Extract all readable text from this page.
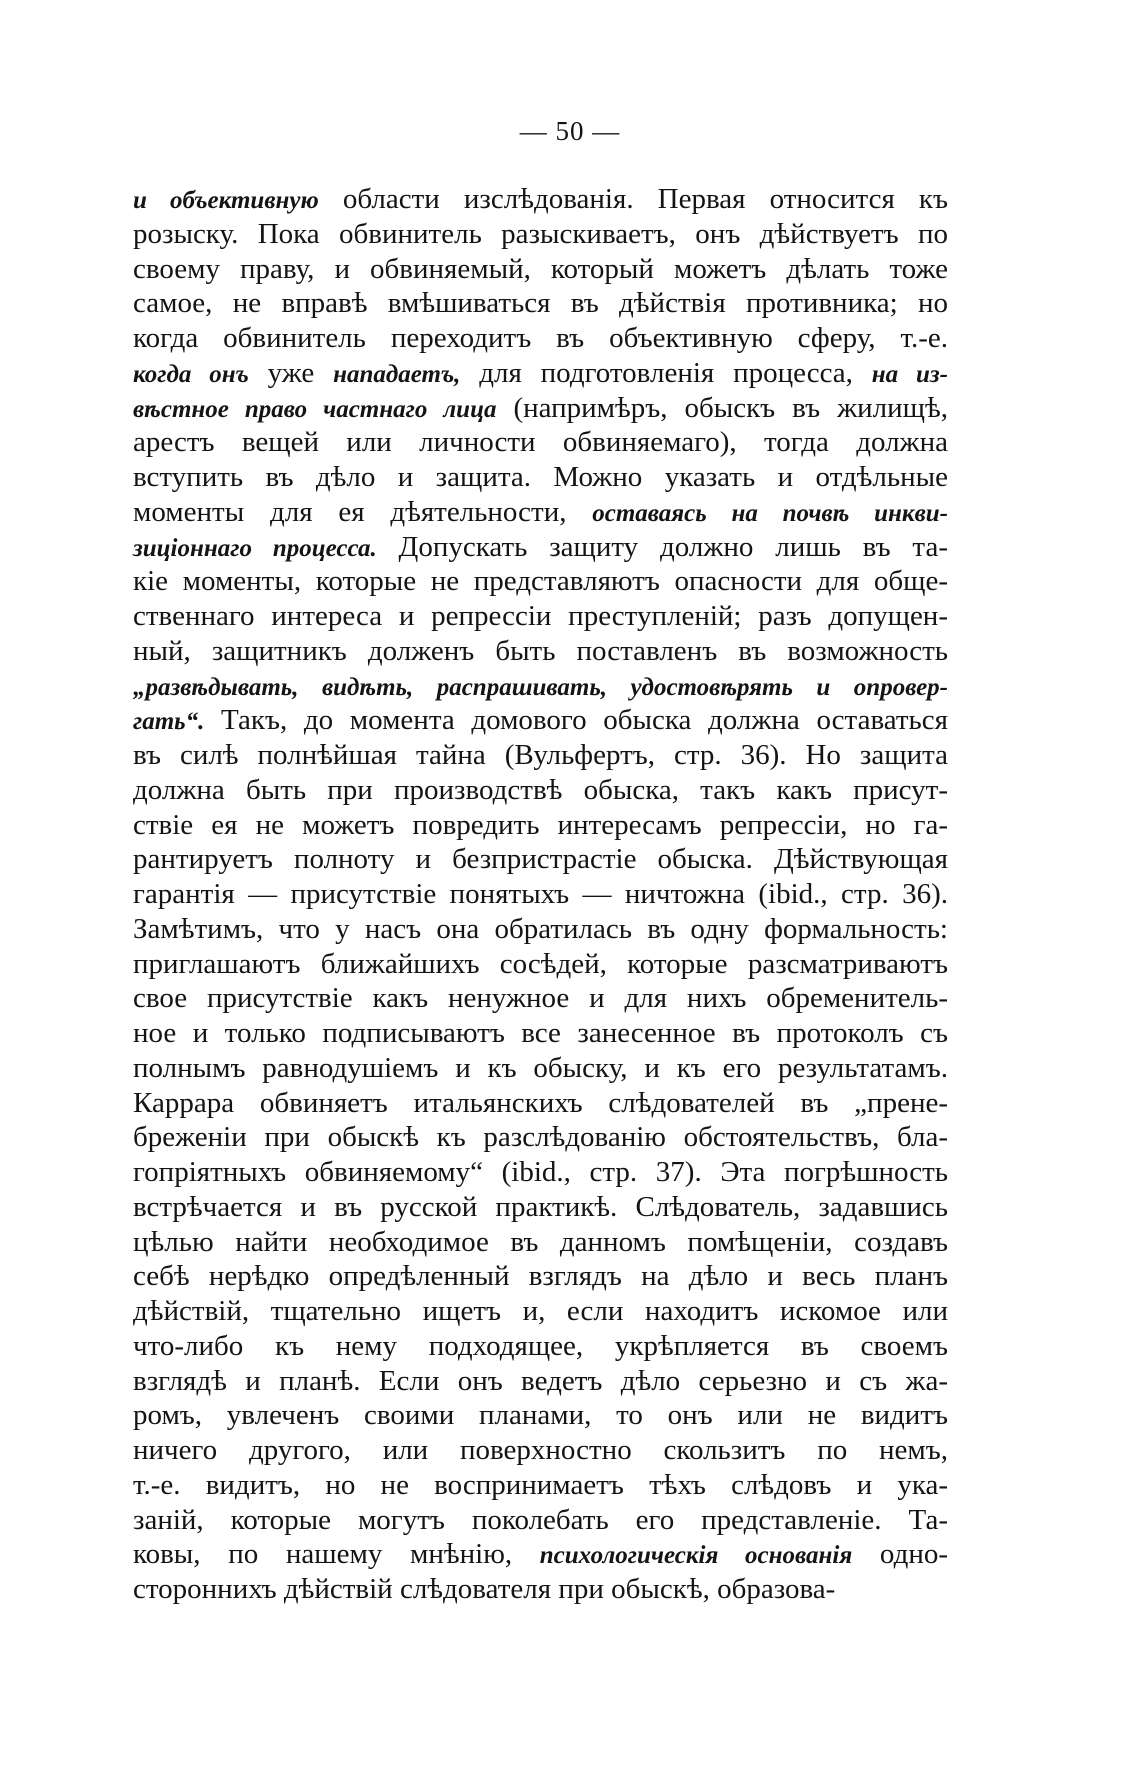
— 50 —
и объективную области изслѣдованія. Первая относится къ
розыску. Пока обвинитель разыскиваетъ, онъ дѣйствуетъ по
своему праву, и обвиняемый, который можетъ дѣлать тоже
самое, не вправѣ вмѣшиваться въ дѣйствія противника; но
когда обвинитель переходитъ въ объективную сферу, т.-е.
когда онъ уже нападаетъ, для подготовленія процесса, на из-
вѣстное право частнаго лица (напримѣръ, обыскъ въ жилищѣ,
арестъ вещей или личности обвиняемаго), тогда должна
вступить въ дѣло и защита. Можно указать и отдѣльные
моменты для ея дѣятельности, оставаясь на почвѣ инкви-
зиціоннаго процесса. Допускать защиту должно лишь въ та-
кіе моменты, которые не представляютъ опасности для обще-
ственнаго интереса и репрессіи преступленій; разъ допущен-
ный, защитникъ долженъ быть поставленъ въ возможность
„развѣдывать, видѣть, распрашивать, удостовѣрять и опровер-
гать“. Такъ, до момента домового обыска должна оставаться
въ силѣ полнѣйшая тайна (Вульфертъ, стр. 36). Но защита
должна быть при производствѣ обыска, такъ какъ присут-
ствіе ея не можетъ повредить интересамъ репрессіи, но га-
рантируетъ полноту и безпристрастіе обыска. Дѣйствующая
гарантія — присутствіе понятыхъ — ничтожна (ibid., стр. 36).
Замѣтимъ, что у насъ она обратилась въ одну формальность:
приглашаютъ ближайшихъ сосѣдей, которые разсматриваютъ
свое присутствіе какъ ненужное и для нихъ обременитель-
ное и только подписываютъ все занесенное въ протоколъ съ
полнымъ равнодушіемъ и къ обыску, и къ его результатамъ.
Каррара обвиняетъ итальянскихъ слѣдователей въ „прене-
бреженіи при обыскѣ къ разслѣдованію обстоятельствъ, бла-
гопріятныхъ обвиняемому“ (ibid., стр. 37). Эта погрѣшность
встрѣчается и въ русской практикѣ. Слѣдователь, задавшись
цѣлью найти необходимое въ данномъ помѣщеніи, создавъ
себѣ нерѣдко опредѣленный взглядъ на дѣло и весь планъ
дѣйствій, тщательно ищетъ и, если находитъ искомое или
что-либо къ нему подходящее, укрѣпляется въ своемъ
взглядѣ и планѣ. Если онъ ведетъ дѣло серьезно и съ жа-
ромъ, увлеченъ своими планами, то онъ или не видитъ
ничего другого, или поверхностно скользитъ по немъ,
т.-е. видитъ, но не воспринимаетъ тѣхъ слѣдовъ и ука-
заній, которые могутъ поколебать его представленіе. Та-
ковы, по нашему мнѣнію, психологическія основанія одно-
стороннихъ дѣйствій слѣдователя при обыскѣ, образова-
